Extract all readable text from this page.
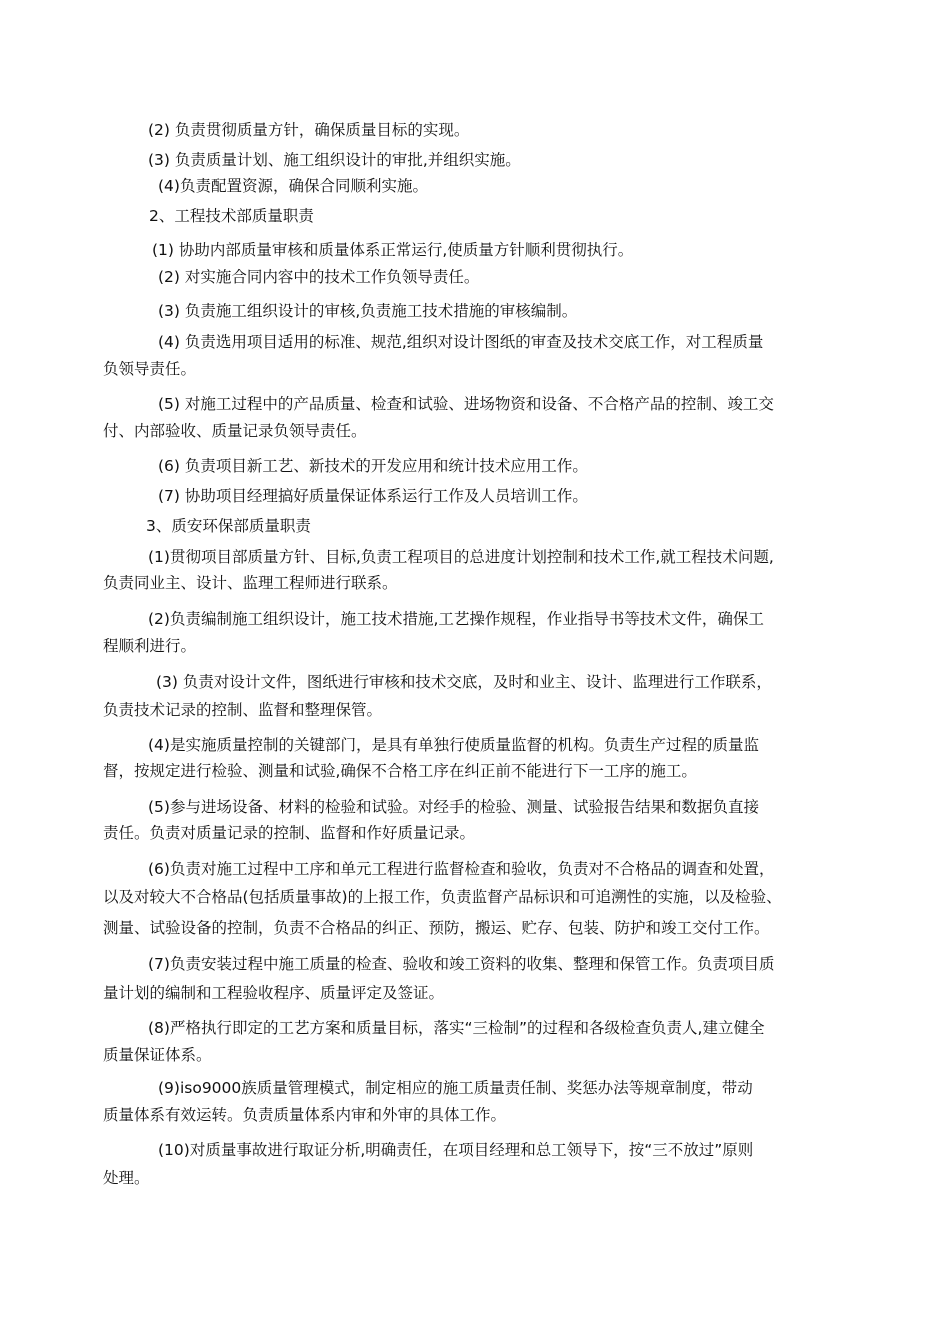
(2) 负责贯彻质量方针，确保质量目标的实现。
(3) 负责质量计划、施工组织设计的审批,并组织实施。
(4)负责配置资源，确保合同顺利实施。
2、工程技术部质量职责
(1) 协助内部质量审核和质量体系正常运行,使质量方针顺利贯彻执行。
(2) 对实施合同内容中的技术工作负领导责任。
(3) 负责施工组织设计的审核,负责施工技术措施的审核编制。
(4) 负责选用项目适用的标准、规范,组织对设计图纸的审查及技术交底工作，对工程质量
负领导责任。
(5) 对施工过程中的产品质量、检查和试验、进场物资和设备、不合格产品的控制、竣工交
付、内部验收、质量记录负领导责任。
(6) 负责项目新工艺、新技术的开发应用和统计技术应用工作。
(7) 协助项目经理搞好质量保证体系运行工作及人员培训工作。
3、质安环保部质量职责
(1)贯彻项目部质量方针、目标,负责工程项目的总进度计划控制和技术工作,就工程技术问题,
负责同业主、设计、监理工程师进行联系。
(2)负责编制施工组织设计，施工技术措施,工艺操作规程，作业指导书等技术文件，确保工
程顺利进行。
(3) 负责对设计文件，图纸进行审核和技术交底，及时和业主、设计、监理进行工作联系，
负责技术记录的控制、监督和整理保管。
(4)是实施质量控制的关键部门，是具有单独行使质量监督的机构。负责生产过程的质量监
督，按规定进行检验、测量和试验,确保不合格工序在纠正前不能进行下一工序的施工。
(5)参与进场设备、材料的检验和试验。对经手的检验、测量、试验报告结果和数据负直接
责任。负责对质量记录的控制、监督和作好质量记录。
(6)负责对施工过程中工序和单元工程进行监督检查和验收，负责对不合格品的调查和处置，
以及对较大不合格品(包括质量事故)的上报工作，负责监督产品标识和可追溯性的实施，以及检验、
测量、试验设备的控制，负责不合格品的纠正、预防，搬运、贮存、包装、防护和竣工交付工作。
(7)负责安装过程中施工质量的检查、验收和竣工资料的收集、整理和保管工作。负责项目质
量计划的编制和工程验收程序、质量评定及签证。
(8)严格执行即定的工艺方案和质量目标，落实“三检制”的过程和各级检查负责人,建立健全
质量保证体系。
(9)iso9000族质量管理模式，制定相应的施工质量责任制、奖惩办法等规章制度，带动
质量体系有效运转。负责质量体系内审和外审的具体工作。
(10)对质量事故进行取证分析,明确责任，在项目经理和总工领导下，按“三不放过”原则
处理。
